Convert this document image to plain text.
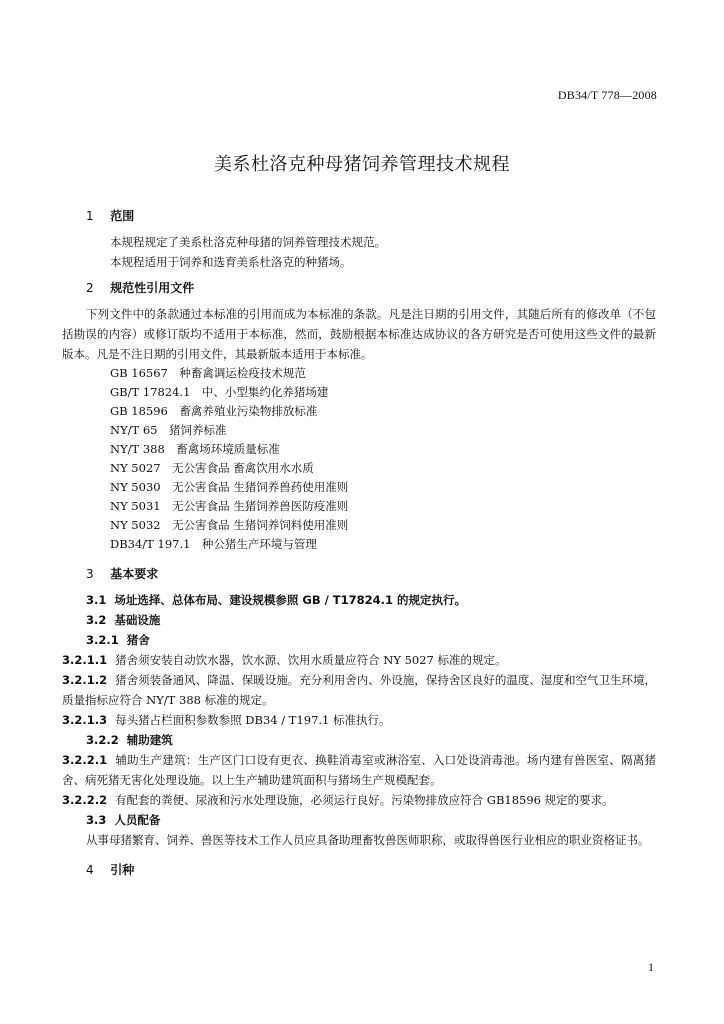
DB34/T 778—2008
美系杜洛克种母猪饲养管理技术规程
1 范围

本规程规定了美系杜洛克种母猪的饲养管理技术规范。

本规程适用于饲养和选育美系杜洛克的种猪场。

2 规范性引用文件

下列文件中的条款通过本标准的引用而成为本标准的条款。凡是注日期的引用文件，其随后所有的修改单（不包括勘误的内容）或修订版均不适用于本标准，然而，鼓励根据本标准达成协议的各方研究是否可使用这些文件的最新版本。凡是不注日期的引用文件，其最新版本适用于本标准。

GB 16567　种畜禽调运检疫技术规范

GB/T 17824.1　中、小型集约化养猪场建

GB 18596　畜禽养殖业污染物排放标准

NY/T 65　猪饲养标准

NY/T 388　畜禽场环境质量标准

NY 5027　无公害食品 畜禽饮用水水质

NY 5030　无公害食品 生猪饲养兽药使用准则

NY 5031　无公害食品 生猪饲养兽医防疫准则

NY 5032　无公害食品 生猪饲养饲料使用准则

DB34/T 197.1　种公猪生产环境与管理

3 基本要求

3.1 场址选择、总体布局、建设规模参照 GB / T17824.1 的规定执行。

3.2 基础设施

3.2.1 猪舍

3.2.1.1 猪舍须安装自动饮水器，饮水源、饮用水质量应符合 NY 5027 标准的规定。

3.2.1.2 猪舍须装备通风、降温、保暖设施。充分利用舍内、外设施，保持舍区良好的温度、湿度和空气卫生环境，质量指标应符合 NY/T 388 标准的规定。

3.2.1.3 每头猪占栏面积参数参照 DB34 / T197.1 标准执行。

3.2.2 辅助建筑

3.2.2.1 辅助生产建筑：生产区门口设有更衣、换鞋消毒室或淋浴室、入口处设消毒池。场内建有兽医室、隔离猪舍、病死猪无害化处理设施。以上生产辅助建筑面积与猪场生产规模配套。

3.2.2.2 有配套的粪便、尿液和污水处理设施，必须运行良好。污染物排放应符合 GB18596 规定的要求。

3.3 人员配备

从事母猪繁育、饲养、兽医等技术工作人员应具备助理畜牧兽医师职称，或取得兽医行业相应的职业资格证书。

4 引种
1
